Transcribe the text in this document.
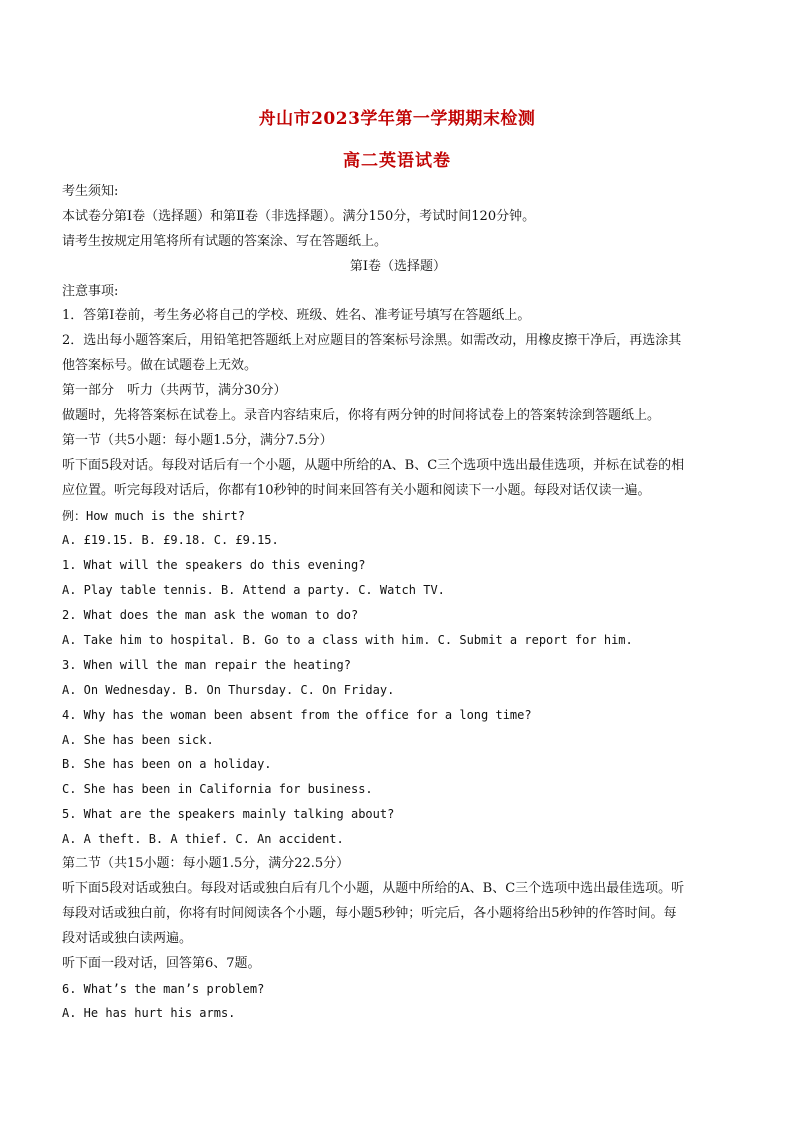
舟山市2023学年第一学期期末检测
高二英语试卷
考生须知:
本试卷分第Ⅰ卷（选择题）和第Ⅱ卷（非选择题）。满分150分，考试时间120分钟。
请考生按规定用笔将所有试题的答案涂、写在答题纸上。
第Ⅰ卷（选择题）
注意事项:
1．答第Ⅰ卷前，考生务必将自己的学校、班级、姓名、准考证号填写在答题纸上。
2．选出每小题答案后，用铅笔把答题纸上对应题目的答案标号涂黑。如需改动，用橡皮擦干净后，再选涂其
他答案标号。做在试题卷上无效。
第一部分　听力（共两节，满分30分）
做题时，先将答案标在试卷上。录音内容结束后，你将有两分钟的时间将试卷上的答案转涂到答题纸上。
第一节（共5小题：每小题1.5分，满分7.5分）
听下面5段对话。每段对话后有一个小题，从题中所给的A、B、C三个选项中选出最佳选项，并标在试卷的相
应位置。听完每段对话后，你都有10秒钟的时间来回答有关小题和阅读下一小题。每段对话仅读一遍。
例：How much is the shirt?
A. £19.15. B. £9.18. C. £9.15.
1. What will the speakers do this evening?
A. Play table tennis. B. Attend a party. C. Watch TV.
2. What does the man ask the woman to do?
A. Take him to hospital. B. Go to a class with him. C. Submit a report for him.
3. When will the man repair the heating?
A. On Wednesday. B. On Thursday. C. On Friday.
4. Why has the woman been absent from the office for a long time?
A. She has been sick.
B. She has been on a holiday.
C. She has been in California for business.
5. What are the speakers mainly talking about?
A. A theft. B. A thief. C. An accident.
第二节（共15小题：每小题1.5分，满分22.5分）
听下面5段对话或独白。每段对话或独白后有几个小题，从题中所给的A、B、C三个选项中选出最佳选项。听
每段对话或独白前，你将有时间阅读各个小题，每小题5秒钟；听完后，各小题将给出5秒钟的作答时间。每
段对话或独白读两遍。
听下面一段对话，回答第6、7题。
6. What’s the man’s problem?
A. He has hurt his arms.
